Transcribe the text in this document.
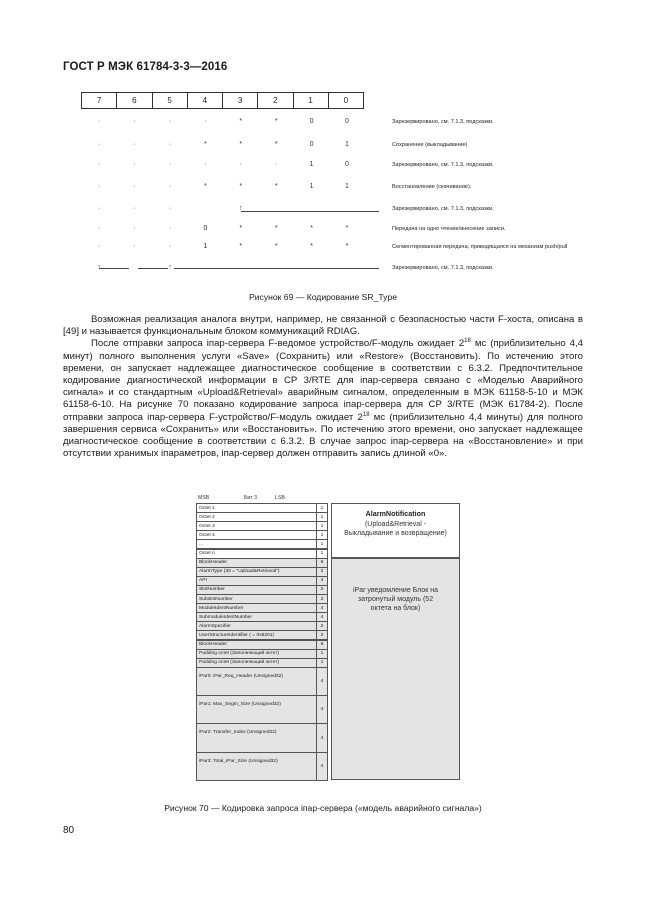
ГОСТ Р МЭК 61784-3-3—2016
7	6	5	4	3	2	1	0
·	·	·	·	*	*	0	0	Зарезервировано, см. 7.1.3, подсказки.
·	·	·	*	*	*	0	1	Сохранение (выкладывание)
·	·	·	·	·	·	1	0	Зарезервировано, см. 7.1.3, подсказки.
·	·	·	*	*	*	1	1	Восстановление (скачивание).
·	·	·	↑	Зарезервировано, см. 7.1.3, подсказки.
·	·	·	0	*	*	*	*	Передача на одно чтение/внесение записи.
·	·	·	1	*	*	*	*	Сегментированная передача, приводящаяся на механизм push/pull
↑	↑	Зарезервировано, см. 7.1.3, подсказки.
Рисунок 69 — Кодирование SR_Type

Возможная реализация аналога внутри, например, не связанной с безопасностью части F-хоста, описана в [49] и называется функциональным блоком коммуникаций RDIAG.

После отправки запроса iпар-сервера F-ведомое устройство/F-модуль ожидает $2^{18}$ мс (приблизительно 4,4 минут) полного выполнения услуги «Save» (Сохранить) или «Restore» (Восстановить). По истечению этого времени, он запускает надлежащее диагностическое сообщение в соответствии с 6.3.2. Предпочтительное кодирование диагностической информации в CP 3/RTE для iпар-сервера связано с «Моделью Аварийного сигнала» и со стандартным «Upload&Retrieval» аварийным сигналом, определенным в МЭК 61158-5-10 и МЭК 61158-6-10. На рисунке 70 показано кодирование запроса iпар-сервера для CP 3/RTE (МЭК 61784-2). После отправки запроса iпар-сервера F-устройство/F-модуль ожидает $2^{18}$ мс (приблизительно 4,4 минуты) для полного завершения сервиса «Сохранить» или «Восстановить». По истечению этого времени, оно запускает надлежащее диагностическое сообщение в соответствии с 6.3.2. В случае запрос iпар-сервера на «Восстановление» и при отсутствии хранимых iпараметров, iпар-сервер должен отправить запись длиной «0».

MSB	Бит 3	LSB
Octet 1	1
Octet 2	1
Octet 3	1
Octet 4	1
...	1
Octet n	1
BlockHeader	6
AlarmType (30 = "Upload&Retrieval")	2
API	4
SlotNumber	2
SubslotNumber	2
ModuleIdentNumber	4
SubmoduleIdentNumber	4
AlarmSpecifier	2
UserStructureIdentifier ( = 0x8201)	2
BlockHeader	6
Padding octet (Заполняющий октет)	1
Padding octet (Заполняющий октет)	1
iPar0: iPar_Req_Header (Unsigned32)
4
iPar1: Max_Segm_Size (Unsigned32)
4
iPar2: Transfer_Index (Unsigned32)
4
iPar3: Total_iPar_Size (Unsigned32)
4
AlarmNotification
(Upload&Retrieval - Выкладывание и возвращение)
iPar уведомление Блок на затронутый модуль (52 октета на блок)
Рисунок 70 — Кодировка запроса iпар-сервера («модель аварийного сигнала»)
80
